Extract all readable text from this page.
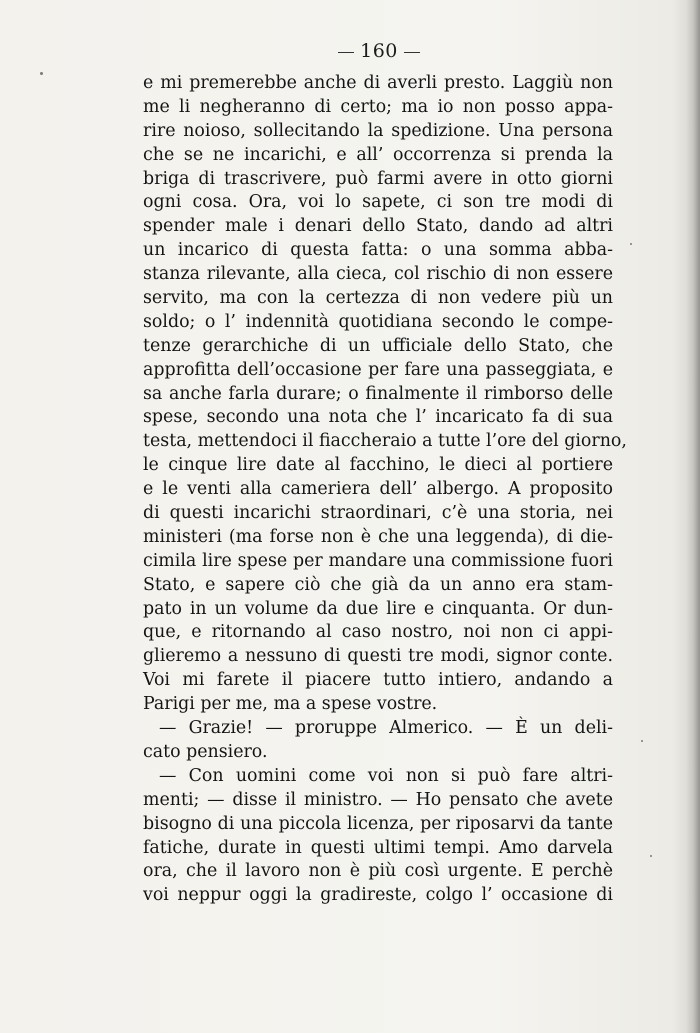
160
e mi premerebbe anche di averli presto. Laggiù non
me li negheranno di certo; ma io non posso appa-
rire noioso, sollecitando la spedizione. Una persona
che se ne incarichi, e all’ occorrenza si prenda la
briga di trascrivere, può farmi avere in otto giorni
ogni cosa. Ora, voi lo sapete, ci son tre modi di
spender male i denari dello Stato, dando ad altri
un incarico di questa fatta: o una somma abba-
stanza rilevante, alla cieca, col rischio di non essere
servito, ma con la certezza di non vedere più un
soldo; o l’ indennità quotidiana secondo le compe-
tenze gerarchiche di un ufficiale dello Stato, che
approfitta dell’occasione per fare una passeggiata, e
sa anche farla durare; o finalmente il rimborso delle
spese, secondo una nota che l’ incaricato fa di sua
testa, mettendoci il fiaccheraio a tutte l’ore del giorno,
le cinque lire date al facchino, le dieci al portiere
e le venti alla cameriera dell’ albergo. A proposito
di questi incarichi straordinari, c’è una storia, nei
ministeri (ma forse non è che una leggenda), di die-
cimila lire spese per mandare una commissione fuori
Stato, e sapere ciò che già da un anno era stam-
pato in un volume da due lire e cinquanta. Or dun-
que, e ritornando al caso nostro, noi non ci appi-
glieremo a nessuno di questi tre modi, signor conte.
Voi mi farete il piacere tutto intiero, andando a
Parigi per me, ma a spese vostre.
— Grazie! — proruppe Almerico. — È un deli-
cato pensiero.
— Con uomini come voi non si può fare altri-
menti; — disse il ministro. — Ho pensato che avete
bisogno di una piccola licenza, per riposarvi da tante
fatiche, durate in questi ultimi tempi. Amo darvela
ora, che il lavoro non è più così urgente. E perchè
voi neppur oggi la gradireste, colgo l’ occasione di
